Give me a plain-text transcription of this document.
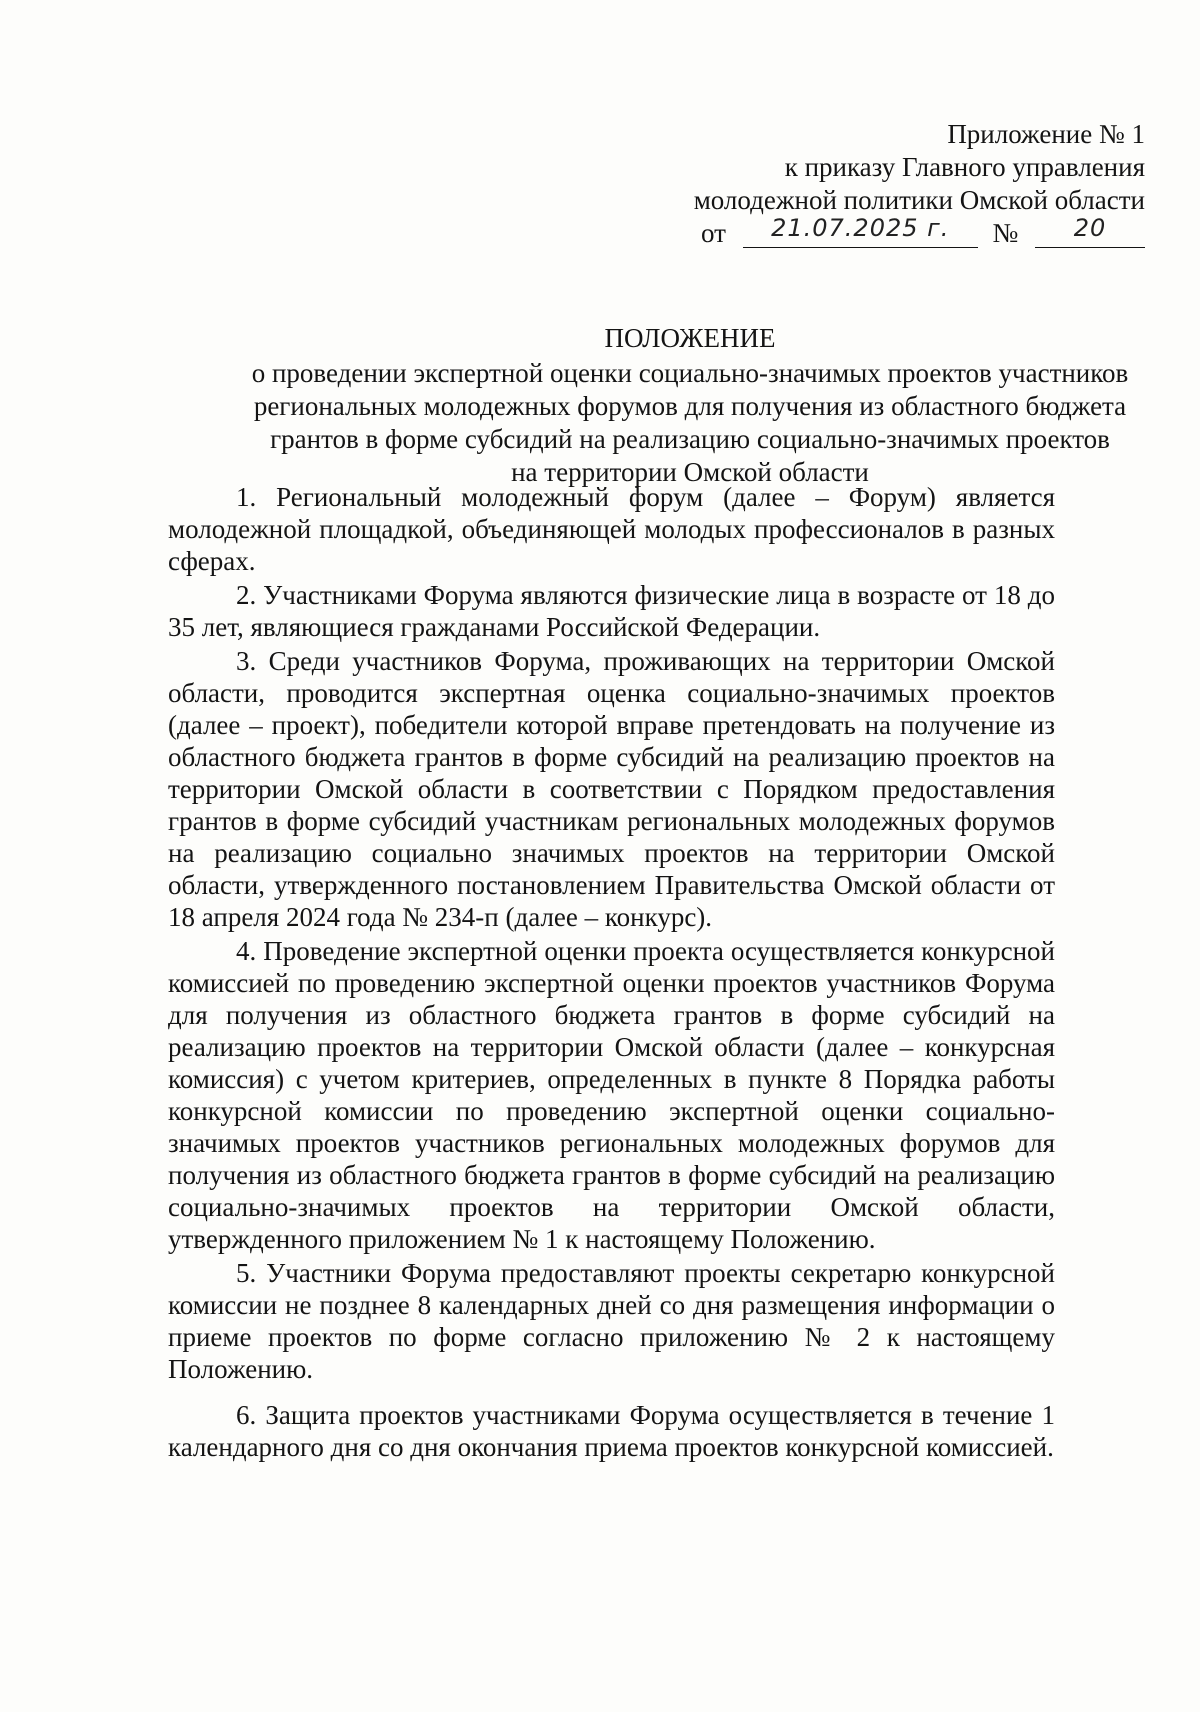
Приложение № 1
к приказу Главного управления
молодежной политики Омской области
от 21.07.2025 г. № 20
ПОЛОЖЕНИЕ
о проведении экспертной оценки социально-значимых проектов участников
региональных молодежных форумов для получения из областного бюджета
грантов в форме субсидий на реализацию социально-значимых проектов
на территории Омской области

1. Региональный молодежный форум (далее – Форум) является молодежной площадкой, объединяющей молодых профессионалов в разных сферах.

2. Участниками Форума являются физические лица в возрасте от 18 до 35 лет, являющиеся гражданами Российской Федерации.

3. Среди участников Форума, проживающих на территории Омской области, проводится экспертная оценка социально-значимых проектов (далее – проект), победители которой вправе претендовать на получение из областного бюджета грантов в форме субсидий на реализацию проектов на территории Омской области в соответствии с Порядком предоставления грантов в форме субсидий участникам региональных молодежных форумов на реализацию социально значимых проектов на территории Омской области, утвержденного постановлением Правительства Омской области от 18 апреля 2024 года № 234-п (далее – конкурс).

4. Проведение экспертной оценки проекта осуществляется конкурсной комиссией по проведению экспертной оценки проектов участников Форума для получения из областного бюджета грантов в форме субсидий на реализацию проектов на территории Омской области (далее – конкурсная комиссия) с учетом критериев, определенных в пункте 8 Порядка работы конкурсной комиссии по проведению экспертной оценки социально-значимых проектов участников региональных молодежных форумов для получения из областного бюджета грантов в форме субсидий на реализацию социально-значимых проектов на территории Омской области, утвержденного приложением № 1 к настоящему Положению.

5. Участники Форума предоставляют проекты секретарю конкурсной комиссии не позднее 8 календарных дней со дня размещения информации о приеме проектов по форме согласно приложению № 2 к настоящему Положению.

6. Защита проектов участниками Форума осуществляется в течение 1 календарного дня со дня окончания приема проектов конкурсной комиссией.
